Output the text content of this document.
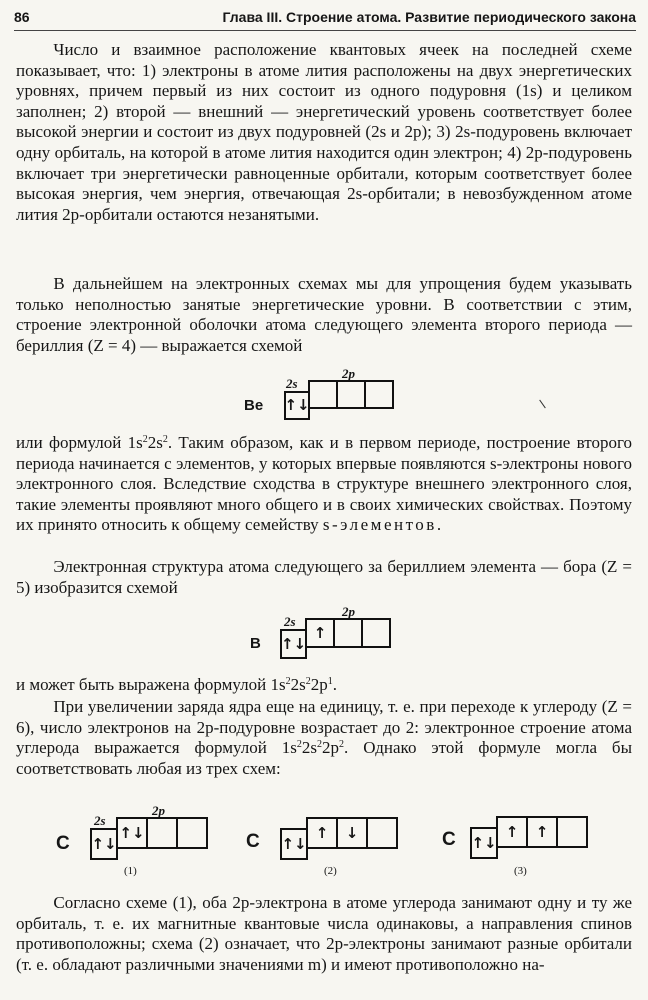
86	Глава III. Строение атома. Развитие периодического закона

Число и взаимное расположение квантовых ячеек на последней схеме показывает, что: 1) электроны в атоме лития расположены на двух энергетических уровнях, причем первый из них состоит из одного подуровня (1s) и целиком заполнен; 2) второй — внешний — энергетический уровень соответствует более высокой энергии и состоит из двух подуровней (2s и 2p); 3) 2s-подуровень включает одну орбиталь, на которой в атоме лития находится один электрон; 4) 2p-подуровень включает три энергетически равноценные орбитали, которым соответствует более высокая энергия, чем энергия, отвечающая 2s-орбитали; в невозбужденном атоме лития 2p-орбитали остаются незанятыми.

В дальнейшем на электронных схемах мы для упрощения будем указывать только неполностью занятые энергетические уровни. В соответствии с этим, строение электронной оболочки атома следующего элемента второго периода — бериллия (Z = 4) — выражается схемой

Be
2s
2p
↑↓

или формулой $1s^22s^2$. Таким образом, как и в первом периоде, построение второго периода начинается с элементов, у которых впервые появляются s-электроны нового электронного слоя. Вследствие сходства в структуре внешнего электронного слоя, такие элементы проявляют много общего и в своих химических свойствах. Поэтому их принято относить к общему семейству s-элементов.

Электронная структура атома следующего за бериллием элемента — бора (Z = 5) изобразится схемой

B
2s
2p
↑↓
↑

и может быть выражена формулой $1s^22s^22p^1$.

При увеличении заряда ядра еще на единицу, т. е. при переходе к углероду (Z = 6), число электронов на 2p-подуровне возрастает до 2: электронное строение атома углерода выражается формулой $1s^22s^22p^2$. Однако этой формуле могла бы соответствовать любая из трех схем:

C
2s
2p
↑↓
↑↓
(1)
C ↑↓
↑ ↓
(2)
C ↑↓
↑ ↑
(3)

Согласно схеме (1), оба 2p-электрона в атоме углерода занимают одну и ту же орбиталь, т. е. их магнитные квантовые числа одинаковы, а направления спинов противоположны; схема (2) означает, что 2p-электроны занимают разные орбитали (т. е. обладают различными значениями m) и имеют противоположно на-
